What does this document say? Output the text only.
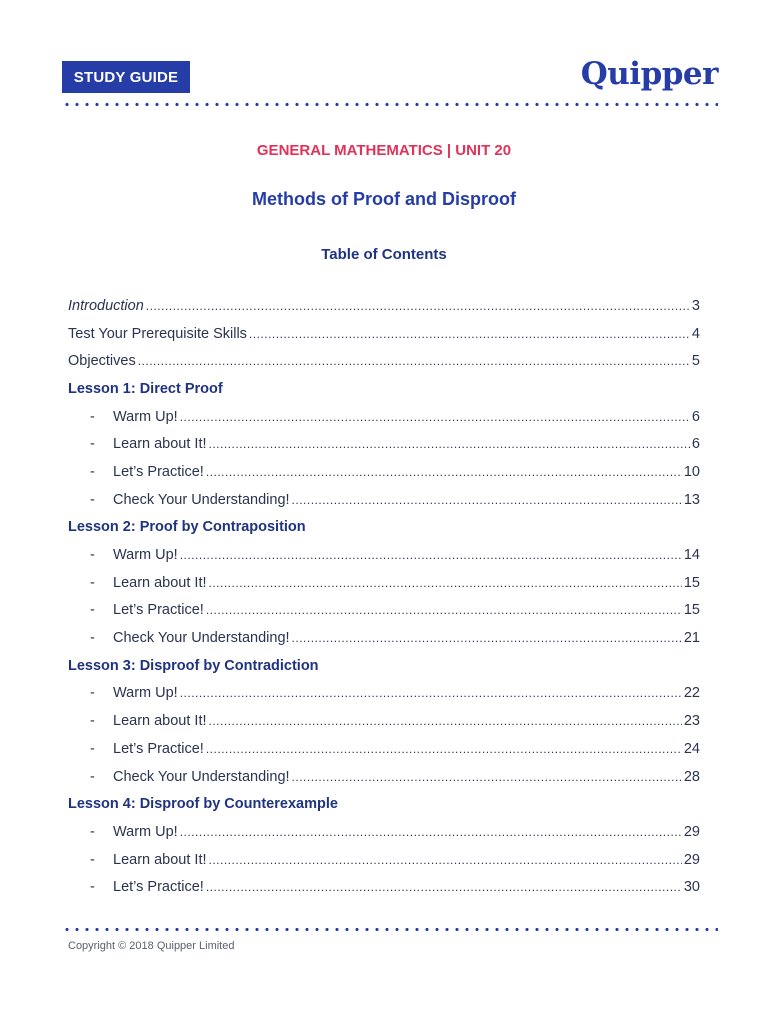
STUDY GUIDE	Quipper
GENERAL MATHEMATICS | UNIT 20
Methods of Proof and Disproof
Table of Contents
Introduction .....	3
Test Your Prerequisite Skills .....	4
Objectives .....	5
Lesson 1: Direct Proof
-	Warm Up! .....	6
-	Learn about It! .....	6
-	Let’s Practice! .....	10
-	Check Your Understanding! .....	13
Lesson 2: Proof by Contraposition
-	Warm Up! .....	14
-	Learn about It! .....	15
-	Let’s Practice! .....	15
-	Check Your Understanding! .....	21
Lesson 3: Disproof by Contradiction
-	Warm Up! .....	22
-	Learn about It! .....	23
-	Let’s Practice! .....	24
-	Check Your Understanding! .....	28
Lesson 4: Disproof by Counterexample
-	Warm Up! .....	29
-	Learn about It! .....	29
-	Let’s Practice! .....	30
Copyright © 2018 Quipper Limited
